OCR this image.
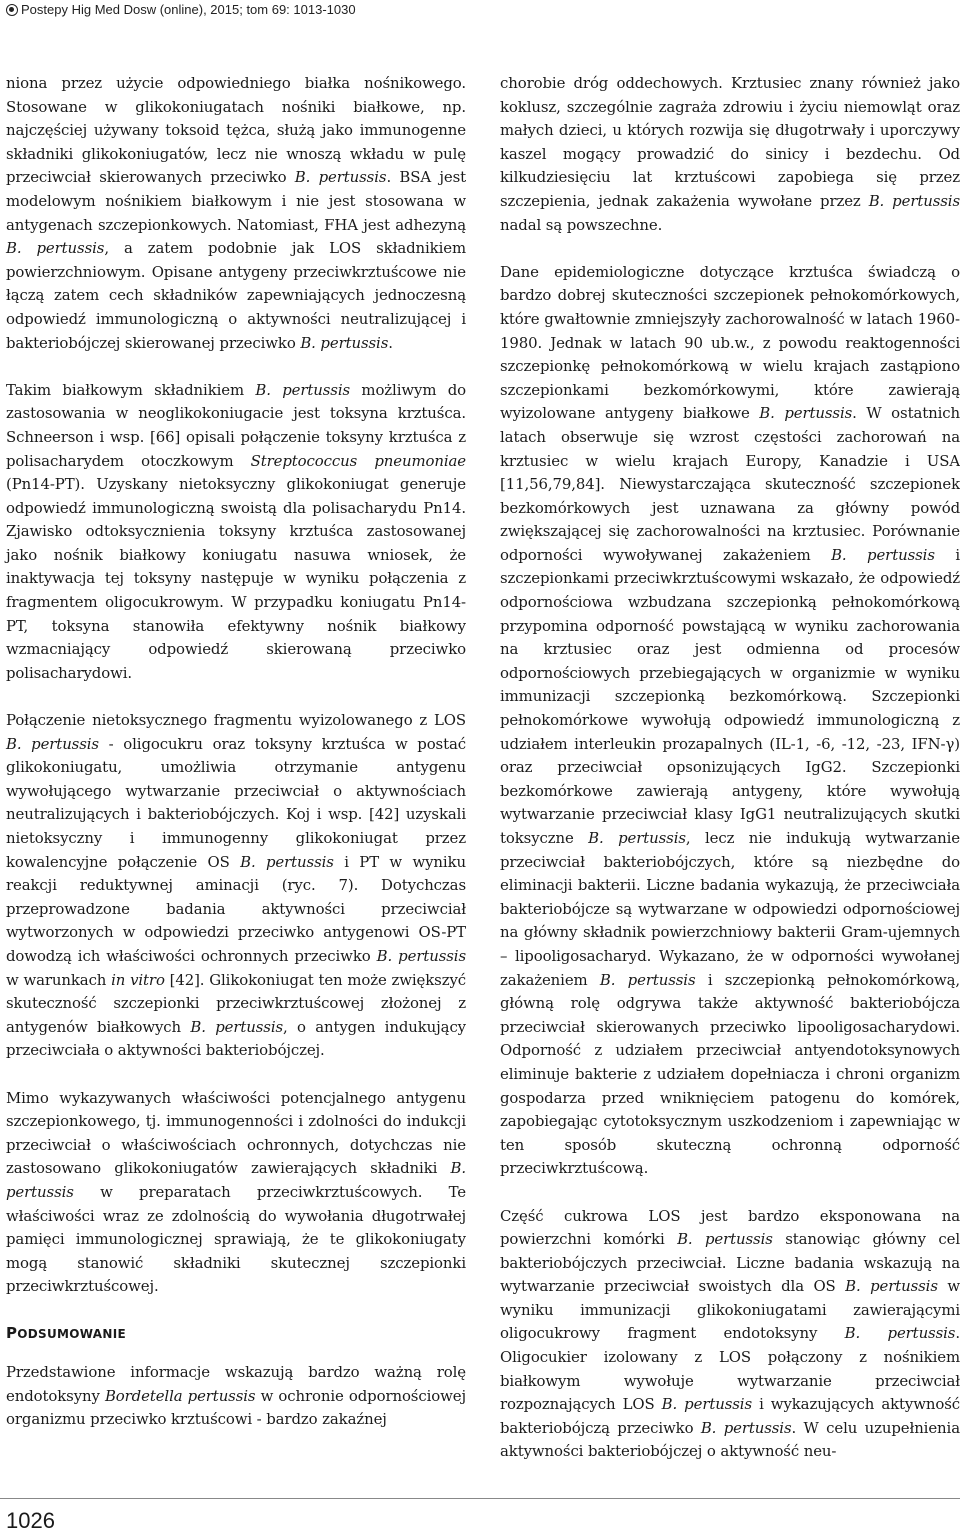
Postepy Hig Med Dosw (online), 2015; tom 69: 1013-1030

niona przez użycie odpowiedniego białka nośnikowego. Stosowane w glikokoniugatach nośniki białkowe, np. najczęściej używany toksoid tężca, służą jako immunogenne składniki glikokoniugatów, lecz nie wnoszą wkładu w pulę przeciwciał skierowanych przeciwko B. pertussis. BSA jest modelowym nośnikiem białkowym i nie jest stosowana w antygenach szczepionkowych. Natomiast, FHA jest adhezyną B. pertussis, a zatem podobnie jak LOS składnikiem powierzchniowym. Opisane antygeny przeciwkrztuścowe nie łączą zatem cech składników zapewniających jednoczesną odpowiedź immunologiczną o aktywności neutralizującej i bakteriobójczej skierowanej przeciwko B. pertussis.

Takim białkowym składnikiem B. pertussis możliwym do zastosowania w neoglikokoniugacie jest toksyna krztuśca. Schneerson i wsp. [66] opisali połączenie toksyny krztuśca z polisacharydem otoczkowym Streptococcus pneumoniae (Pn14-PT). Uzyskany nietoksyczny glikokoniugat generuje odpowiedź immunologiczną swoistą dla polisacharydu Pn14. Zjawisko odtoksycznienia toksyny krztuśca zastosowanej jako nośnik białkowy koniugatu nasuwa wniosek, że inaktywacja tej toksyny następuje w wyniku połączenia z fragmentem oligocukrowym. W przypadku koniugatu Pn14-PT, toksyna stanowiła efektywny nośnik białkowy wzmacniający odpowiedź skierowaną przeciwko polisacharydowi.

Połączenie nietoksycznego fragmentu wyizolowanego z LOS B. pertussis - oligocukru oraz toksyny krztuśca w postać glikokoniugatu, umożliwia otrzymanie antygenu wywołującego wytwarzanie przeciwciał o aktywnościach neutralizujących i bakteriobójczych. Koj i wsp. [42] uzyskali nietoksyczny i immunogenny glikokoniugat przez kowalencyjne połączenie OS B. pertussis i PT w wyniku reakcji reduktywnej aminacji (ryc. 7). Dotychczas przeprowadzone badania aktywności przeciwciał wytworzonych w odpowiedzi przeciwko antygenowi OS-PT dowodzą ich właściwości ochronnych przeciwko B. pertussis w warunkach in vitro [42]. Glikokoniugat ten może zwiększyć skuteczność szczepionki przeciwkrztuścowej złożonej z antygenów białkowych B. pertussis, o antygen indukujący przeciwciała o aktywności bakteriobójczej.

Mimo wykazywanych właściwości potencjalnego antygenu szczepionkowego, tj. immunogenności i zdolności do indukcji przeciwciał o właściwościach ochronnych, dotychczas nie zastosowano glikokoniugatów zawierających składniki B. pertussis w preparatach przeciwkrztuścowych. Te właściwości wraz ze zdolnością do wywołania długotrwałej pamięci immunologicznej sprawiają, że te glikokoniugaty mogą stanowić składniki skutecznej szczepionki przeciwkrztuścowej.

PODSUMOWANIE

Przedstawione informacje wskazują bardzo ważną rolę endotoksyny Bordetella pertussis w ochronie odpornościowej organizmu przeciwko krztuścowi - bardzo zakaźnej

chorobie dróg oddechowych. Krztusiec znany również jako koklusz, szczególnie zagraża zdrowiu i życiu niemowląt oraz małych dzieci, u których rozwija się długotrwały i uporczywy kaszel mogący prowadzić do sinicy i bezdechu. Od kilkudziesięciu lat krztuścowi zapobiega się przez szczepienia, jednak zakażenia wywołane przez B. pertussis nadal są powszechne.

Dane epidemiologiczne dotyczące krztuśca świadczą o bardzo dobrej skuteczności szczepionek pełnokomórkowych, które gwałtownie zmniejszyły zachorowalność w latach 1960-1980. Jednak w latach 90 ub.w., z powodu reaktogenności szczepionkę pełnokomórkową w wielu krajach zastąpiono szczepionkami bezkomórkowymi, które zawierają wyizolowane antygeny białkowe B. pertussis. W ostatnich latach obserwuje się wzrost częstości zachorowań na krztusiec w wielu krajach Europy, Kanadzie i USA [11,56,79,84]. Niewystarczająca skuteczność szczepionek bezkomórkowych jest uznawana za główny powód zwiększającej się zachorowalności na krztusiec. Porównanie odporności wywoływanej zakażeniem B. pertussis i szczepionkami przeciwkrztuścowymi wskazało, że odpowiedź odpornościowa wzbudzana szczepionką pełnokomórkową przypomina odporność powstającą w wyniku zachorowania na krztusiec oraz jest odmienna od procesów odpornościowych przebiegających w organizmie w wyniku immunizacji szczepionką bezkomórkową. Szczepionki pełnokomórkowe wywołują odpowiedź immunologiczną z udziałem interleukin prozapalnych (IL-1, -6, -12, -23, IFN-γ) oraz przeciwciał opsonizujących IgG2. Szczepionki bezkomórkowe zawierają antygeny, które wywołują wytwarzanie przeciwciał klasy IgG1 neutralizujących skutki toksyczne B. pertussis, lecz nie indukują wytwarzanie przeciwciał bakteriobójczych, które są niezbędne do eliminacji bakterii. Liczne badania wykazują, że przeciwciała bakteriobójcze są wytwarzane w odpowiedzi odpornościowej na główny składnik powierzchniowy bakterii Gram-ujemnych – lipooligosacharyd. Wykazano, że w odporności wywołanej zakażeniem B. pertussis i szczepionką pełnokomórkową, główną rolę odgrywa także aktywność bakteriobójcza przeciwciał skierowanych przeciwko lipooligosacharydowi. Odporność z udziałem przeciwciał antyendotoksynowych eliminuje bakterie z udziałem dopełniacza i chroni organizm gospodarza przed wniknięciem patogenu do komórek, zapobiegając cytotoksycznym uszkodzeniom i zapewniając w ten sposób skuteczną ochronną odporność przeciwkrztuścową.

Część cukrowa LOS jest bardzo eksponowana na powierzchni komórki B. pertussis stanowiąc główny cel bakteriobójczych przeciwciał. Liczne badania wskazują na wytwarzanie przeciwciał swoistych dla OS B. pertussis w wyniku immunizacji glikokoniugatami zawierającymi oligocukrowy fragment endotoksyny B. pertussis. Oligocukier izolowany z LOS połączony z nośnikiem białkowym wywołuje wytwarzanie przeciwciał rozpoznających LOS B. pertussis i wykazujących aktywność bakteriobójczą przeciwko B. pertussis. W celu uzupełnienia aktywności bakteriobójczej o aktywność neu-

1026
